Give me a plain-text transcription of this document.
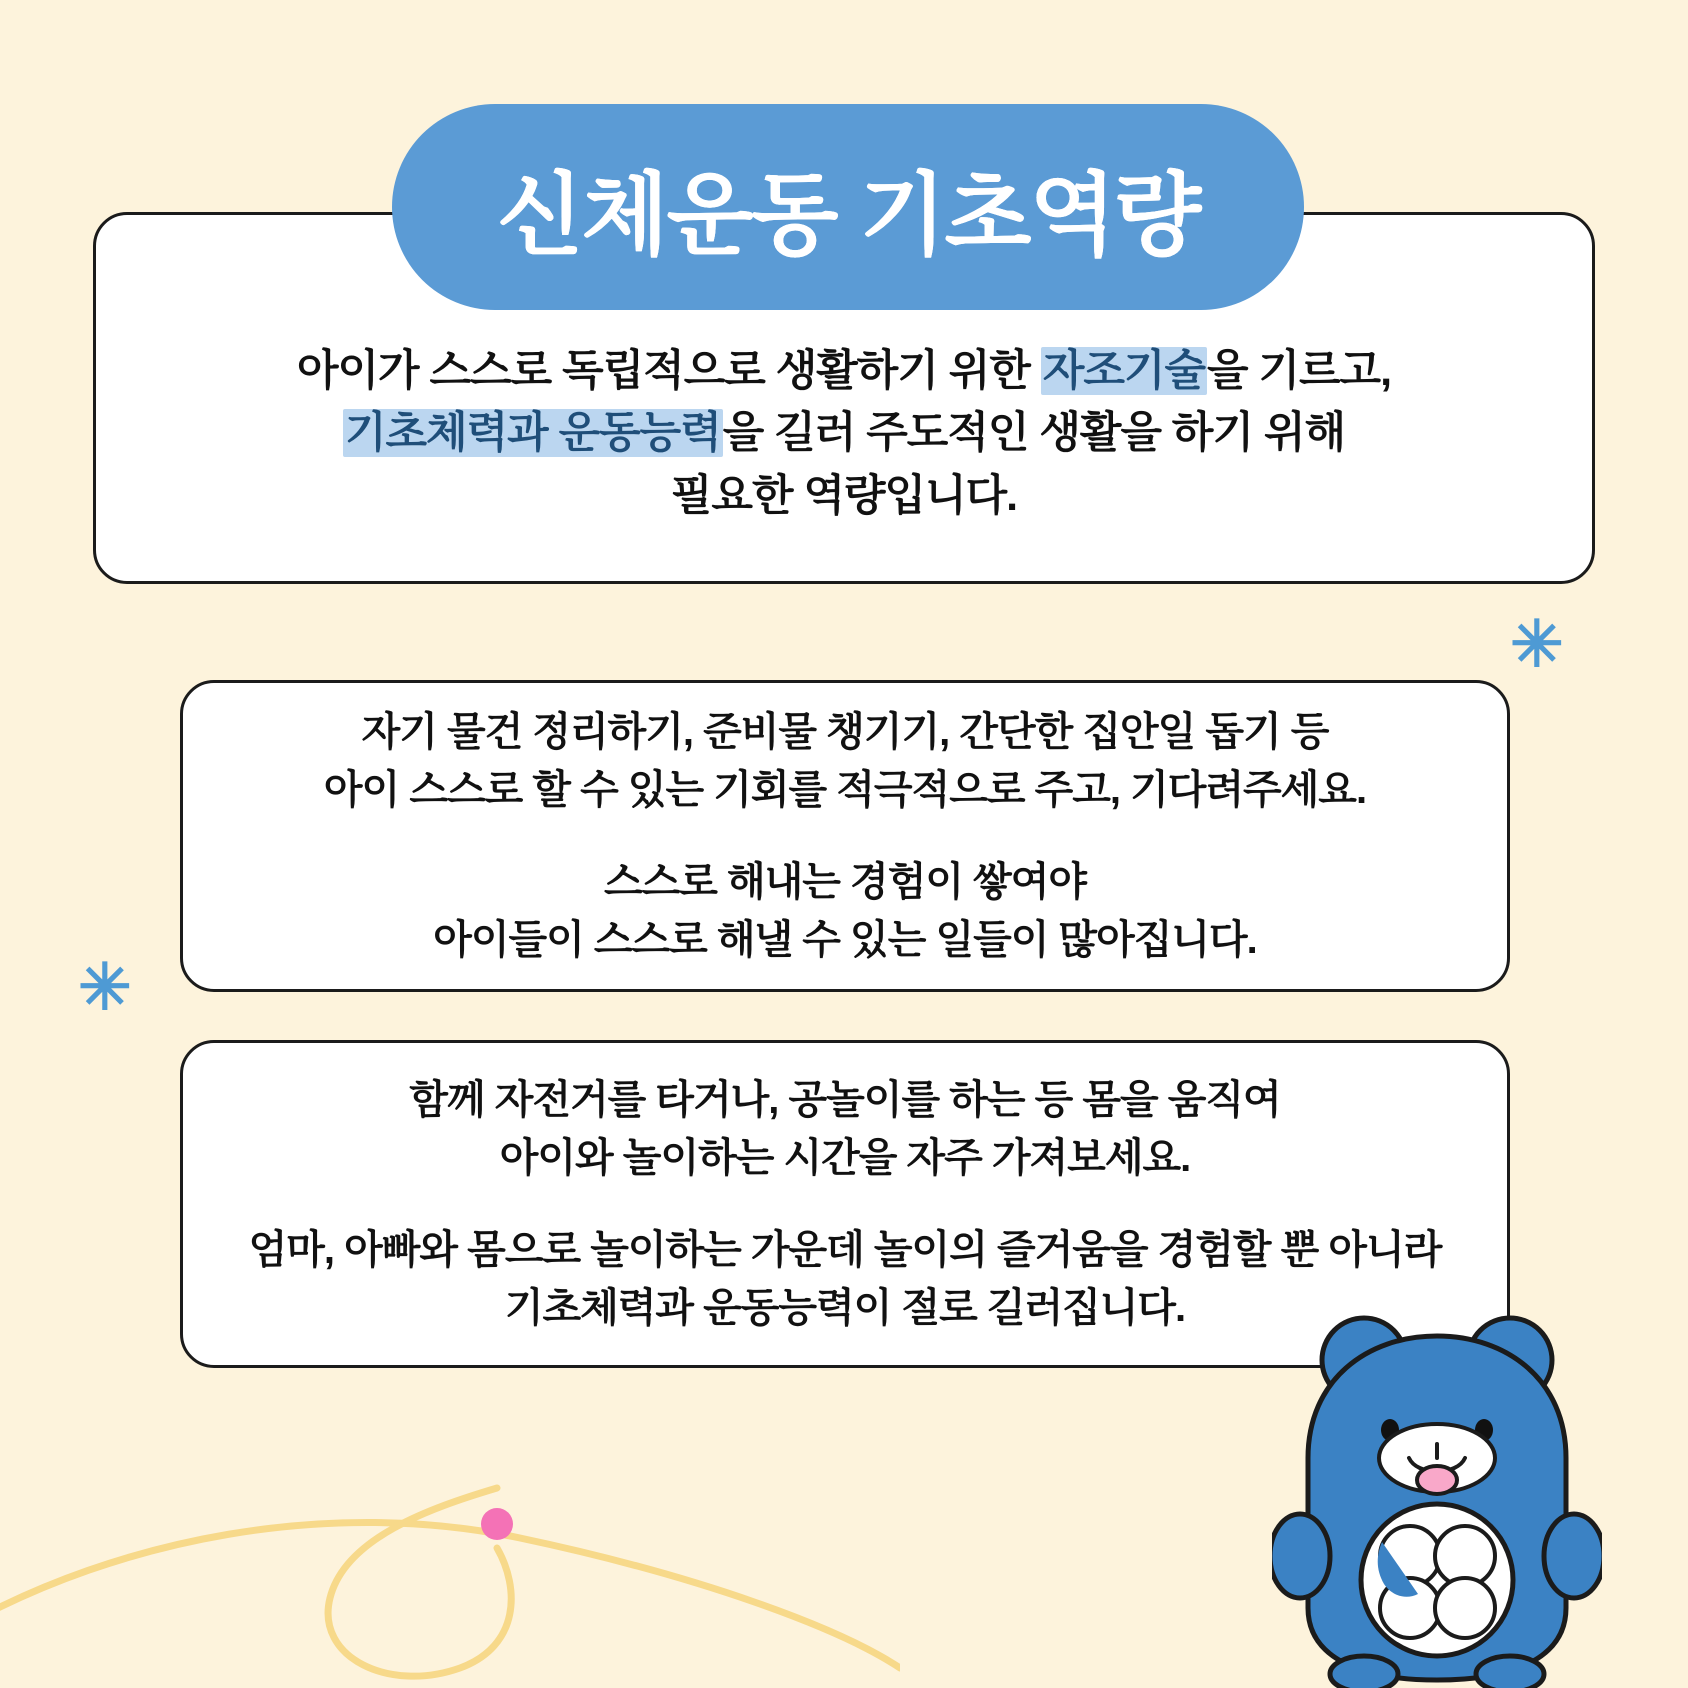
✳
✳
아이가 스스로 독립적으로 생활하기 위한 자조기술을 기르고,
기초체력과 운동능력을 길러 주도적인 생활을 하기 위해
필요한 역량입니다.
신체운동 기초역량
자기 물건 정리하기, 준비물 챙기기, 간단한 집안일 돕기 등
아이 스스로 할 수 있는 기회를 적극적으로 주고, 기다려주세요.
스스로 해내는 경험이 쌓여야
아이들이 스스로 해낼 수 있는 일들이 많아집니다.
함께 자전거를 타거나, 공놀이를 하는 등 몸을 움직여
아이와 놀이하는 시간을 자주 가져보세요.
엄마, 아빠와 몸으로 놀이하는 가운데 놀이의 즐거움을 경험할 뿐 아니라
기초체력과 운동능력이 절로 길러집니다.
